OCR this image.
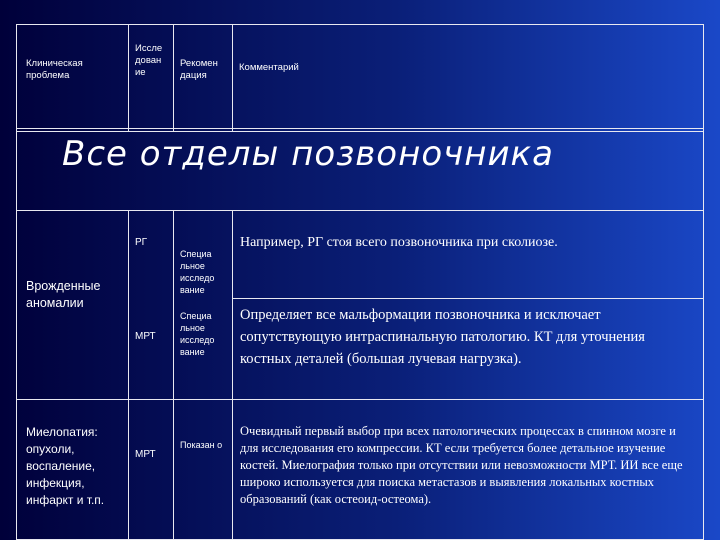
Клиническая проблема
Иссле дован ие
Рекомен дация
Комментарий
Все отделы позвоночника
Врожденные аномалии
РГ
Специа льное исследо вание
Например, РГ стоя всего позвоночника при сколиозе.
МРТ
Специа льное исследо вание
Определяет все мальформации позвоночника и исключает сопутствующую интраспинальную патологию. КТ для уточнения костных деталей (большая лучевая нагрузка).
Миелопатия: опухоли, воспаление, инфекция, инфаркт и т.п.
МРТ
Показан о
Очевидный первый выбор при всех патологических процессах в спинном мозге и для исследования его компрессии. КТ если требуется более детальное изучение костей. Миелография только при отсутствии или невозможности МРТ. ИИ все еще широко используется для поиска метастазов и выявления локальных костных образований (как остеоид-остеома).
